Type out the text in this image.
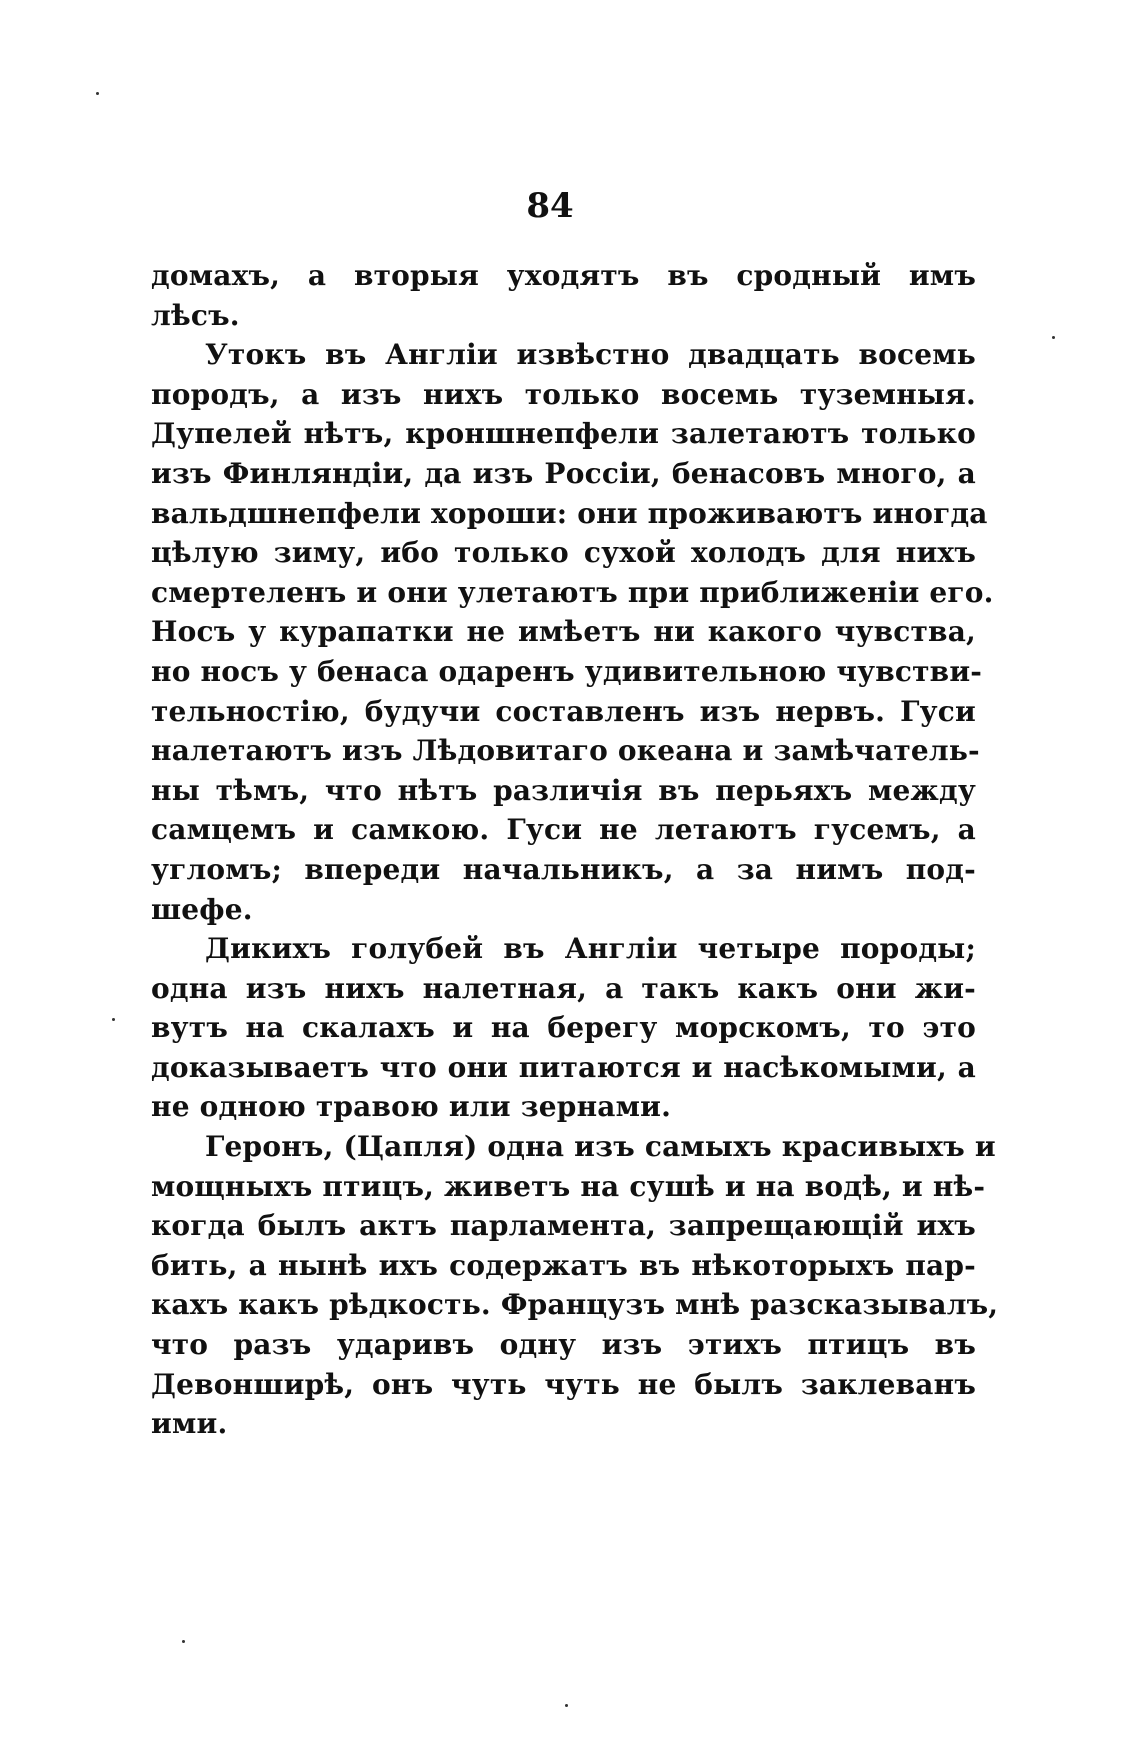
84
домахъ, а вторыя уходятъ въ сродный имъ
лѣсъ.
Утокъ въ Англіи извѣстно двадцать восемь
породъ, а изъ нихъ только восемь туземныя.
Дупелей нѣтъ, кроншнепфели залетаютъ только
изъ Финляндіи, да изъ Россіи, бенасовъ много, а
вальдшнепфели хороши: они проживаютъ иногда
цѣлую зиму, ибо только сухой холодъ для нихъ
смертеленъ и они улетаютъ при приближеніи его.
Носъ у курапатки не имѣетъ ни какого чувства,
но носъ у бенаса одаренъ удивительною чувстви-
тельностію, будучи составленъ изъ нервъ. Гуси
налетаютъ изъ Лѣдовитаго океана и замѣчатель-
ны тѣмъ, что нѣтъ различія въ перьяхъ между
самцемъ и самкою. Гуси не летаютъ гусемъ, а
угломъ; впереди начальникъ, а за нимъ под-
шефе.
Дикихъ голубей въ Англіи четыре породы;
одна изъ нихъ налетная, а такъ какъ они жи-
вутъ на скалахъ и на берегу морскомъ, то это
доказываетъ что они питаются и насѣкомыми, а
не одною травою или зернами.
Геронъ, (Цапля) одна изъ самыхъ красивыхъ и
мощныхъ птицъ, живетъ на сушѣ и на водѣ, и нѣ-
когда былъ актъ парламента, запрещающій ихъ
бить, а нынѣ ихъ содержатъ въ нѣкоторыхъ пар-
кахъ какъ рѣдкость. Французъ мнѣ разсказывалъ,
что разъ ударивъ одну изъ этихъ птицъ въ
Девонширѣ, онъ чуть чуть не былъ заклеванъ
ими.
